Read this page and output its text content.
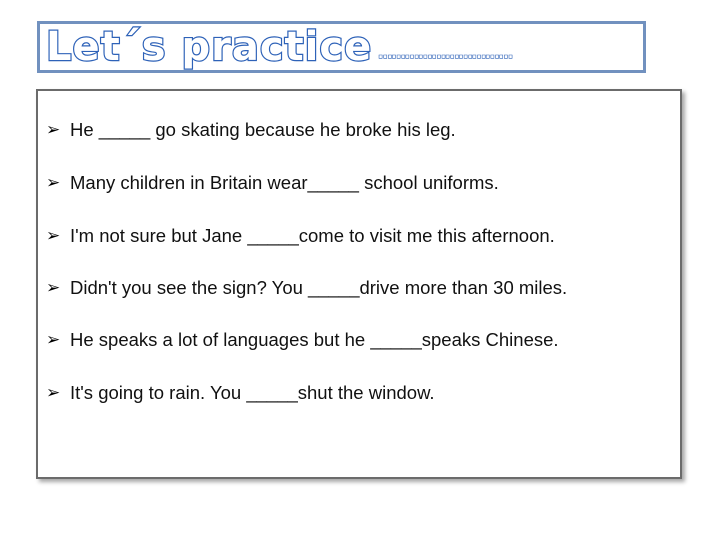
Let´s practice …………………………
➢ He _____ go skating because he broke his leg.
➢ Many children in Britain wear_____ school uniforms.
➢ I'm not sure but Jane _____come to visit me this afternoon.
➢ Didn't you see the sign? You _____drive more than 30 miles.
➢ He speaks a lot of languages but he _____speaks Chinese.
➢ It's going to rain. You _____shut the window.
